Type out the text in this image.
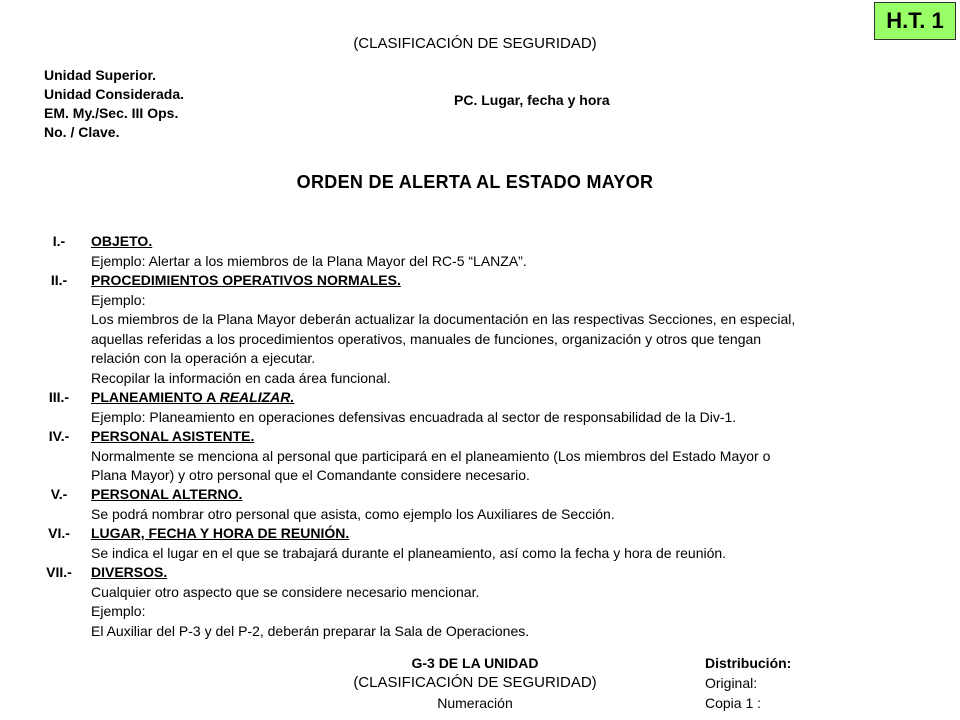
H.T. 1
(CLASIFICACIÓN DE SEGURIDAD)
Unidad Superior.
Unidad Considerada.
EM. My./Sec. III Ops.
No. / Clave.
PC. Lugar, fecha y hora
ORDEN DE ALERTA AL ESTADO MAYOR
I.-	OBJETO.
Ejemplo: Alertar a los miembros de la Plana Mayor del RC-5 “LANZA”.
II.-	PROCEDIMIENTOS OPERATIVOS NORMALES.
Ejemplo:
Los miembros de la Plana Mayor deberán actualizar la documentación en las respectivas Secciones, en especial,
aquellas referidas a los procedimientos operativos, manuales de funciones, organización y otros que tengan
relación con la operación a ejecutar.
Recopilar la información en cada área funcional.
III.-	PLANEAMIENTO A REALIZAR.
Ejemplo: Planeamiento en operaciones defensivas encuadrada al sector de responsabilidad de la Div-1.
IV.-	PERSONAL ASISTENTE.
Normalmente se menciona al personal que participará en el planeamiento (Los miembros del Estado Mayor o
Plana Mayor) y otro personal que el Comandante considere necesario.
V.-	PERSONAL ALTERNO.
Se podrá nombrar otro personal que asista, como ejemplo los Auxiliares de Sección.
VI.-	LUGAR, FECHA Y HORA DE REUNIÓN.
Se indica el lugar en el que se trabajará durante el planeamiento, así como la fecha y hora de reunión.
VII.-	DIVERSOS.
Cualquier otro aspecto que se considere necesario mencionar.
Ejemplo:
El Auxiliar del P-3 y del P-2, deberán preparar la Sala de Operaciones.
G-3 DE LA UNIDAD
(CLASIFICACIÓN DE SEGURIDAD)
Numeración
Distribución:
Original:
Copia 1 :
